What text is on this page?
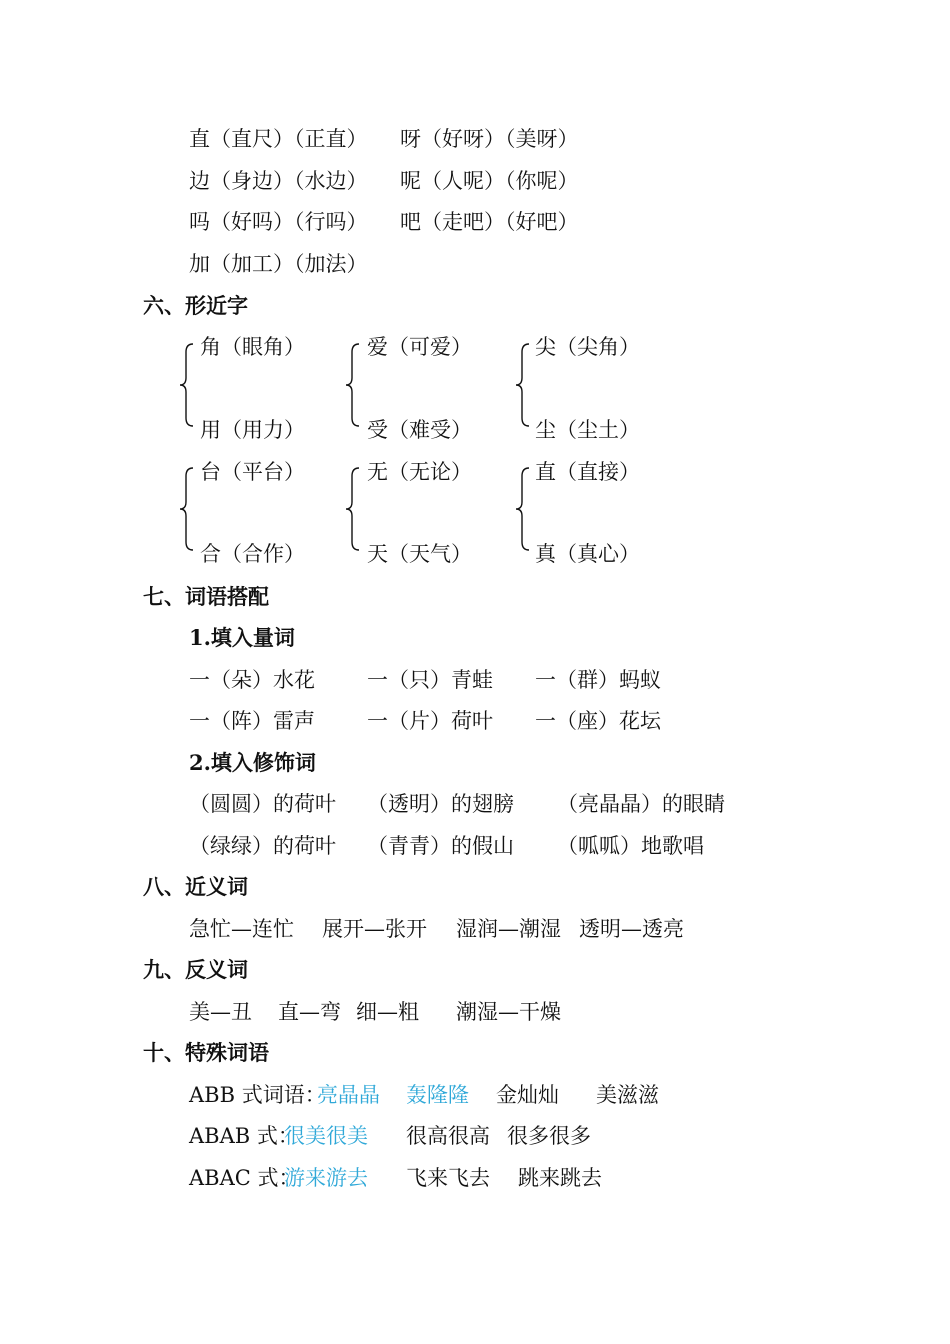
直（直尺）（正直） 呀（好呀）（美呀）
边（身边）（水边） 呢（人呢）（你呢）
吗（好吗）（行吗） 吧（走吧）（好吧）
加（加工）（加法）
六、形近字
角（眼角）
用（用力）
爱（可爱）
受（难受）
尖（尖角）
尘（尘土）
台（平台）
合（合作）
无（无论）
天（天气）
直（直接）
真（真心）
七、词语搭配
1.填入量词
一（朵）水花 一（只）青蛙 一（群）蚂蚁
一（阵）雷声 一（片）荷叶 一（座）花坛
2.填入修饰词
（圆圆）的荷叶 （透明）的翅膀 （亮晶晶）的眼睛
（绿绿）的荷叶 （青青）的假山 （呱呱）地歌唱
八、近义词
急忙—连忙 展开—张开 湿润—潮湿 透明—透亮
九、反义词
美—丑 直—弯 细—粗 潮湿—干燥
十、特殊词语
ABB 式词语：
亮晶晶 轰隆隆 金灿灿 美滋滋
ABAB 式：
很美很美 很高很高 很多很多
ABAC 式：
游来游去 飞来飞去 跳来跳去
